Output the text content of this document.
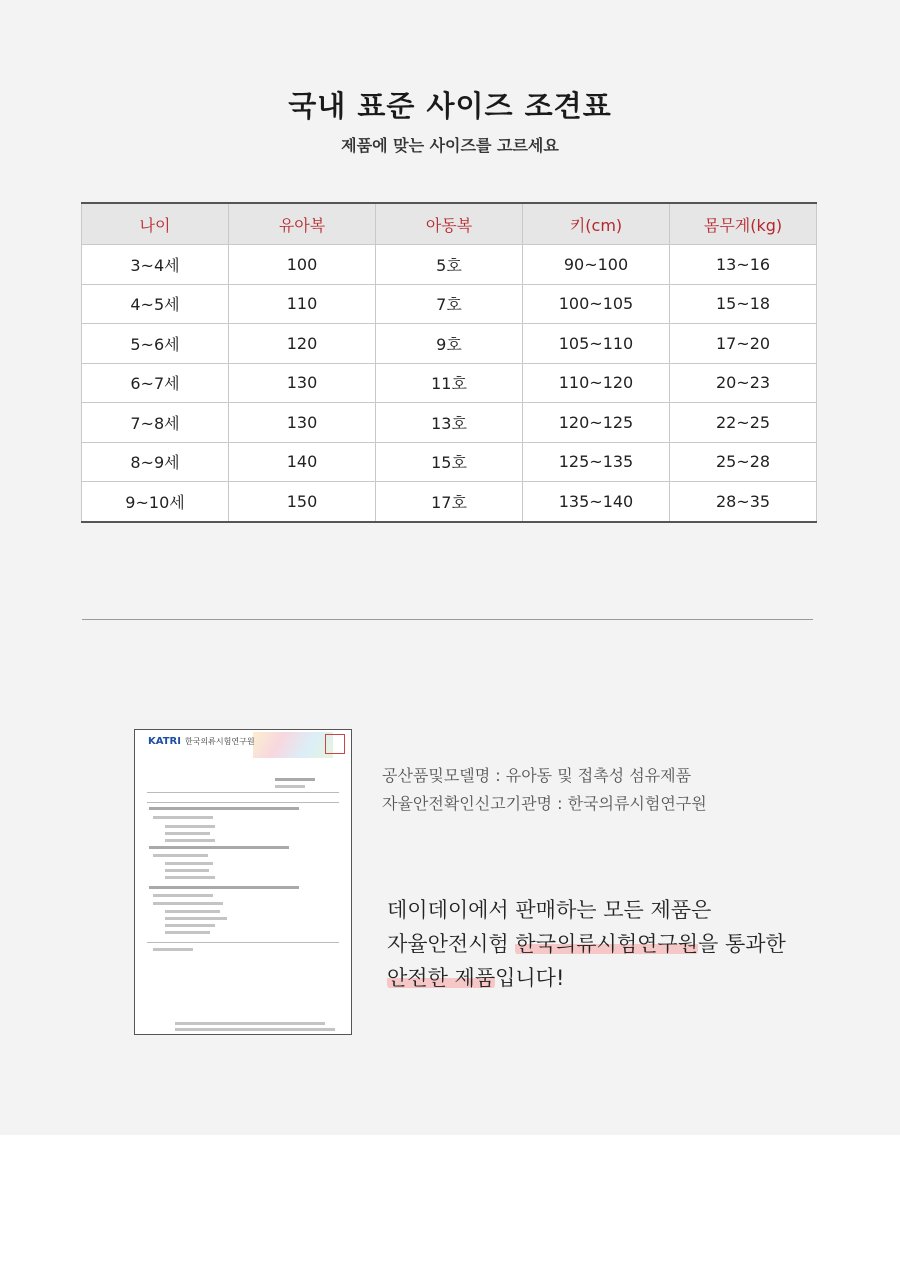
국내 표준 사이즈 조견표
제품에 맞는 사이즈를 고르세요
나이	유아복	아동복	키(cm)	몸무게(kg)
3~4세	100	5호	90~100	13~16
4~5세	110	7호	100~105	15~18
5~6세	120	9호	105~110	17~20
6~7세	130	11호	110~120	20~23
7~8세	130	13호	120~125	22~25
8~9세	140	15호	125~135	25~28
9~10세	150	17호	135~140	28~35
KATRI 한국의류시험연구원
공산품및모델명 : 유아동 및 접촉성 섬유제품
자율안전확인신고기관명 : 한국의류시험연구원
데이데이에서 판매하는 모든 제품은
자율안전시험 한국의류시험연구원을 통과한
안전한 제품입니다!
